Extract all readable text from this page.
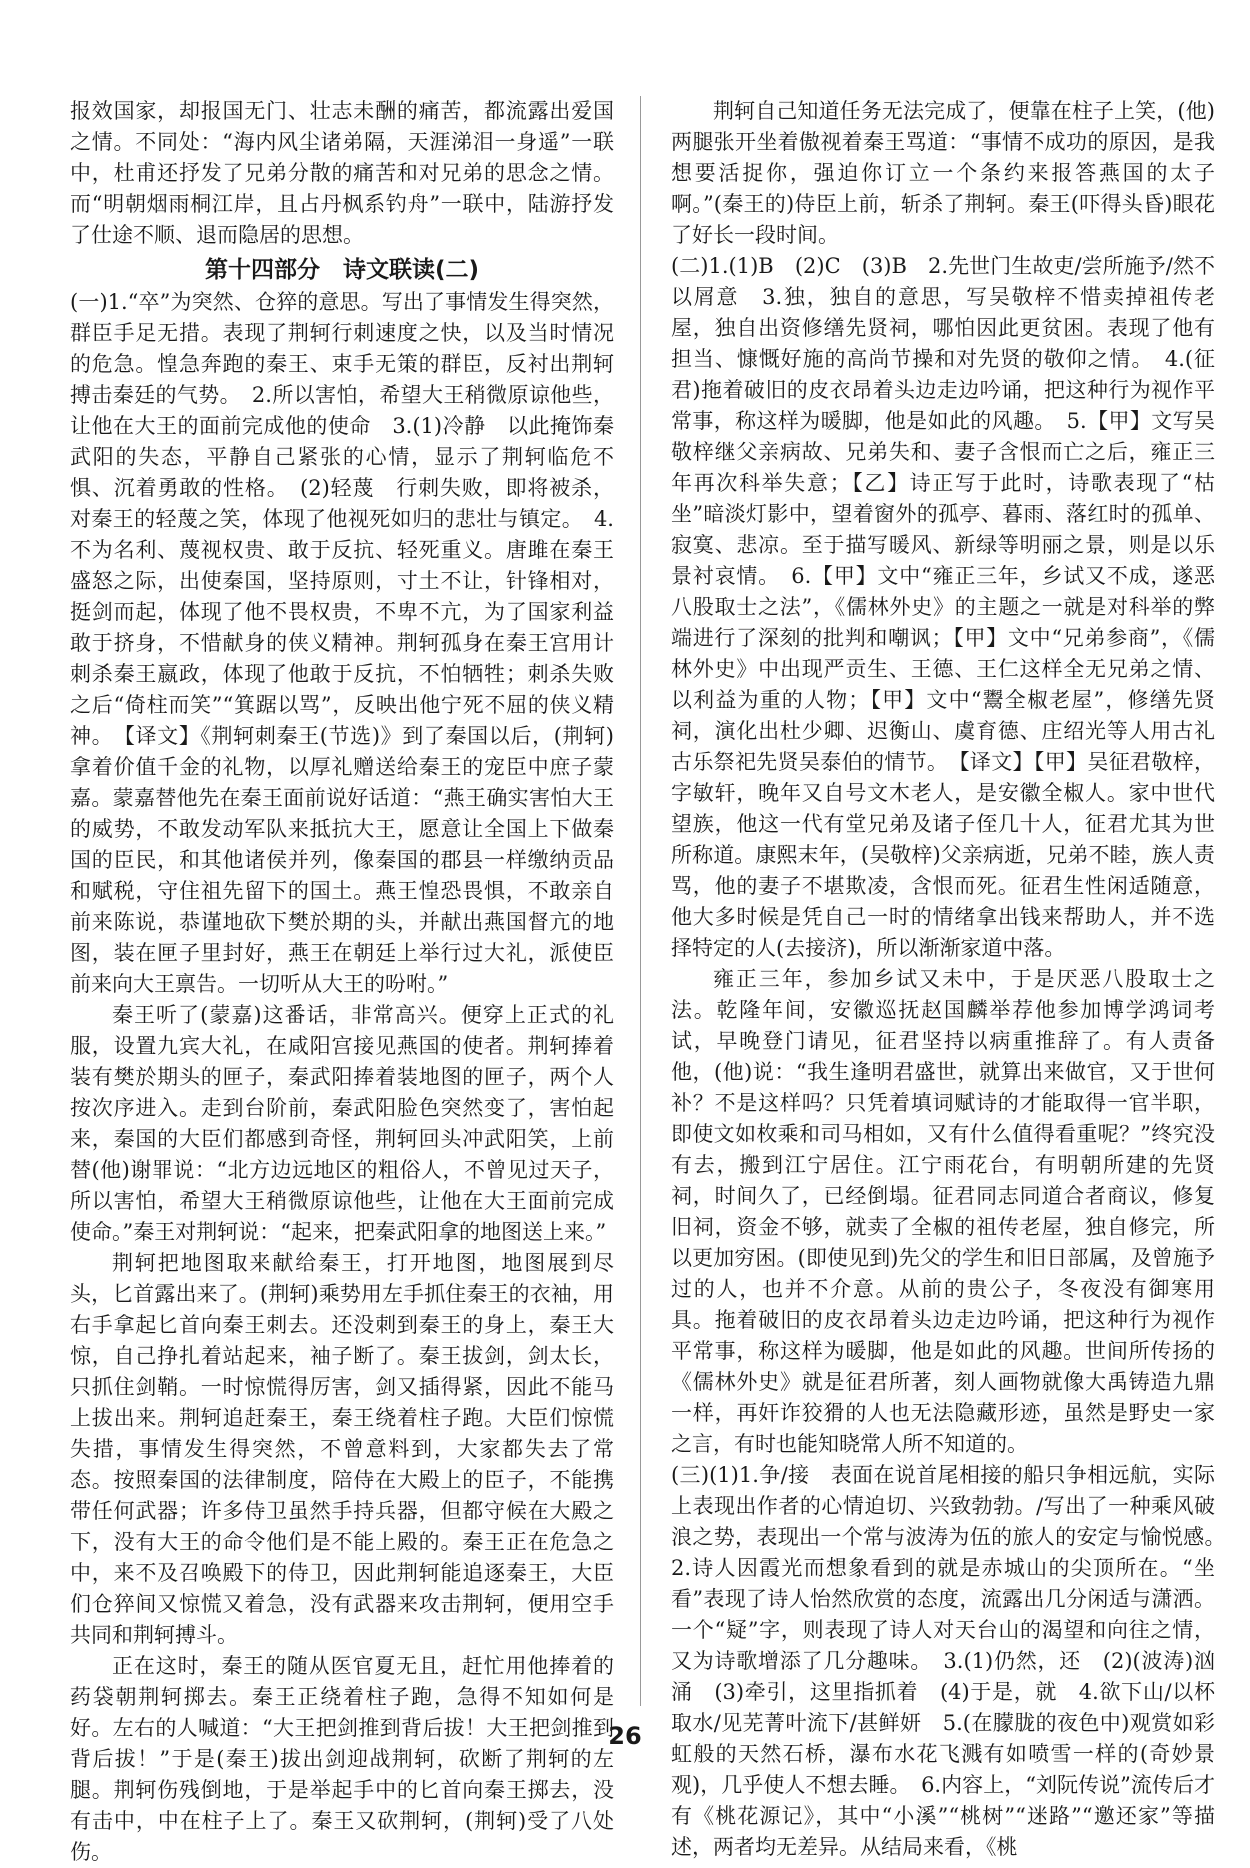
报效国家，却报国无门、壮志未酬的痛苦，都流露出爱国之情。不同处：“海内风尘诸弟隔，天涯涕泪一身遥”一联中，杜甫还抒发了兄弟分散的痛苦和对兄弟的思念之情。而“明朝烟雨桐江岸，且占丹枫系钓舟”一联中，陆游抒发了仕途不顺、退而隐居的思想。

第十四部分　诗文联读(二)

(一)1.“卒”为突然、仓猝的意思。写出了事情发生得突然，群臣手足无措。表现了荆轲行刺速度之快，以及当时情况的危急。惶急奔跑的秦王、束手无策的群臣，反衬出荆轲搏击秦廷的气势。　2.所以害怕，希望大王稍微原谅他些，让他在大王的面前完成他的使命　3.(1)冷静　以此掩饰秦武阳的失态，平静自己紧张的心情，显示了荆轲临危不惧、沉着勇敢的性格。　(2)轻蔑　行刺失败，即将被杀，对秦王的轻蔑之笑，体现了他视死如归的悲壮与镇定。　4.不为名利、蔑视权贵、敢于反抗、轻死重义。唐雎在秦王盛怒之际，出使秦国，坚持原则，寸土不让，针锋相对，挺剑而起，体现了他不畏权贵，不卑不亢，为了国家利益敢于挤身，不惜献身的侠义精神。荆轲孤身在秦王宫用计刺杀秦王嬴政，体现了他敢于反抗，不怕牺牲；刺杀失败之后“倚柱而笑”“箕踞以骂”，反映出他宁死不屈的侠义精神。　【译文】《荆轲刺秦王(节选)》到了秦国以后，(荆轲)拿着价值千金的礼物，以厚礼赠送给秦王的宠臣中庶子蒙嘉。蒙嘉替他先在秦王面前说好话道：“燕王确实害怕大王的威势，不敢发动军队来抵抗大王，愿意让全国上下做秦国的臣民，和其他诸侯并列，像秦国的郡县一样缴纳贡品和赋税，守住祖先留下的国土。燕王惶恐畏惧，不敢亲自前来陈说，恭谨地砍下樊於期的头，并献出燕国督亢的地图，装在匣子里封好，燕王在朝廷上举行过大礼，派使臣前来向大王禀告。一切听从大王的吩咐。”

秦王听了(蒙嘉)这番话，非常高兴。便穿上正式的礼服，设置九宾大礼，在咸阳宫接见燕国的使者。荆轲捧着装有樊於期头的匣子，秦武阳捧着装地图的匣子，两个人按次序进入。走到台阶前，秦武阳脸色突然变了，害怕起来，秦国的大臣们都感到奇怪，荆轲回头冲武阳笑，上前替(他)谢罪说：“北方边远地区的粗俗人，不曾见过天子，所以害怕，希望大王稍微原谅他些，让他在大王面前完成使命。”秦王对荆轲说：“起来，把秦武阳拿的地图送上来。”

荆轲把地图取来献给秦王，打开地图，地图展到尽头，匕首露出来了。(荆轲)乘势用左手抓住秦王的衣袖，用右手拿起匕首向秦王刺去。还没刺到秦王的身上，秦王大惊，自己挣扎着站起来，袖子断了。秦王拔剑，剑太长，只抓住剑鞘。一时惊慌得厉害，剑又插得紧，因此不能马上拔出来。荆轲追赶秦王，秦王绕着柱子跑。大臣们惊慌失措，事情发生得突然，不曾意料到，大家都失去了常态。按照秦国的法律制度，陪侍在大殿上的臣子，不能携带任何武器；许多侍卫虽然手持兵器，但都守候在大殿之下，没有大王的命令他们是不能上殿的。秦王正在危急之中，来不及召唤殿下的侍卫，因此荆轲能追逐秦王，大臣们仓猝间又惊慌又着急，没有武器来攻击荆轲，便用空手共同和荆轲搏斗。

正在这时，秦王的随从医官夏无且，赶忙用他捧着的药袋朝荆轲掷去。秦王正绕着柱子跑，急得不知如何是好。左右的人喊道：“大王把剑推到背后拔！大王把剑推到背后拔！”于是(秦王)拔出剑迎战荆轲，砍断了荆轲的左腿。荆轲伤残倒地，于是举起手中的匕首向秦王掷去，没有击中，中在柱子上了。秦王又砍荆轲，(荆轲)受了八处伤。

荆轲自己知道任务无法完成了，便靠在柱子上笑，(他)两腿张开坐着傲视着秦王骂道：“事情不成功的原因，是我想要活捉你，强迫你订立一个条约来报答燕国的太子啊。”(秦王的)侍臣上前，斩杀了荆轲。秦王(吓得头昏)眼花了好长一段时间。

(二)1.(1)B　(2)C　(3)B　2.先世门生故吏/尝所施予/然不以屑意　3.独，独自的意思，写吴敬梓不惜卖掉祖传老屋，独自出资修缮先贤祠，哪怕因此更贫困。表现了他有担当、慷慨好施的高尚节操和对先贤的敬仰之情。　4.(征君)拖着破旧的皮衣昂着头边走边吟诵，把这种行为视作平常事，称这样为暖脚，他是如此的风趣。　5.【甲】文写吴敬梓继父亲病故、兄弟失和、妻子含恨而亡之后，雍正三年再次科举失意；【乙】诗正写于此时，诗歌表现了“枯坐”暗淡灯影中，望着窗外的孤亭、暮雨、落红时的孤单、寂寞、悲凉。至于描写暖风、新绿等明丽之景，则是以乐景衬哀情。　6.【甲】文中“雍正三年，乡试又不成，遂恶八股取士之法”，《儒林外史》的主题之一就是对科举的弊端进行了深刻的批判和嘲讽；【甲】文中“兄弟参商”，《儒林外史》中出现严贡生、王德、王仁这样全无兄弟之情、以利益为重的人物；【甲】文中“鬻全椒老屋”，修缮先贤祠，演化出杜少卿、迟衡山、虞育德、庄绍光等人用古礼古乐祭祀先贤吴泰伯的情节。　【译文】【甲】吴征君敬梓，字敏轩，晚年又自号文木老人，是安徽全椒人。家中世代望族，他这一代有堂兄弟及诸子侄几十人，征君尤其为世所称道。康熙末年，(吴敬梓)父亲病逝，兄弟不睦，族人责骂，他的妻子不堪欺凌，含恨而死。征君生性闲适随意，他大多时候是凭自己一时的情绪拿出钱来帮助人，并不选择特定的人(去接济)，所以渐渐家道中落。

雍正三年，参加乡试又未中，于是厌恶八股取士之法。乾隆年间，安徽巡抚赵国麟举荐他参加博学鸿词考试，早晚登门请见，征君坚持以病重推辞了。有人责备他，(他)说：“我生逢明君盛世，就算出来做官，又于世何补？不是这样吗？只凭着填词赋诗的才能取得一官半职，即使文如枚乘和司马相如，又有什么值得看重呢？”终究没有去，搬到江宁居住。江宁雨花台，有明朝所建的先贤祠，时间久了，已经倒塌。征君同志同道合者商议，修复旧祠，资金不够，就卖了全椒的祖传老屋，独自修完，所以更加穷困。(即使见到)先父的学生和旧日部属，及曾施予过的人，也并不介意。从前的贵公子，冬夜没有御寒用具。拖着破旧的皮衣昂着头边走边吟诵，把这种行为视作平常事，称这样为暖脚，他是如此的风趣。世间所传扬的《儒林外史》就是征君所著，刻人画物就像大禹铸造九鼎一样，再奸诈狡猾的人也无法隐藏形迹，虽然是野史一家之言，有时也能知晓常人所不知道的。

(三)(1)1.争/接　表面在说首尾相接的船只争相远航，实际上表现出作者的心情迫切、兴致勃勃。/写出了一种乘风破浪之势，表现出一个常与波涛为伍的旅人的安定与愉悦感。　2.诗人因霞光而想象看到的就是赤城山的尖顶所在。“坐看”表现了诗人怡然欣赏的态度，流露出几分闲适与潇洒。一个“疑”字，则表现了诗人对天台山的渴望和向往之情，又为诗歌增添了几分趣味。　3.(1)仍然，还　(2)(波涛)汹涌　(3)牵引，这里指抓着　(4)于是，就　4.欲下山/以杯取水/见芜菁叶流下/甚鲜妍　5.(在朦胧的夜色中)观赏如彩虹般的天然石桥，瀑布水花飞溅有如喷雪一样的(奇妙景观)，几乎使人不想去睡。　6.内容上，“刘阮传说”流传后才有《桃花源记》，其中“小溪”“桃树”“迷路”“邀还家”等描述，两者均无差异。从结局来看，《桃

26
